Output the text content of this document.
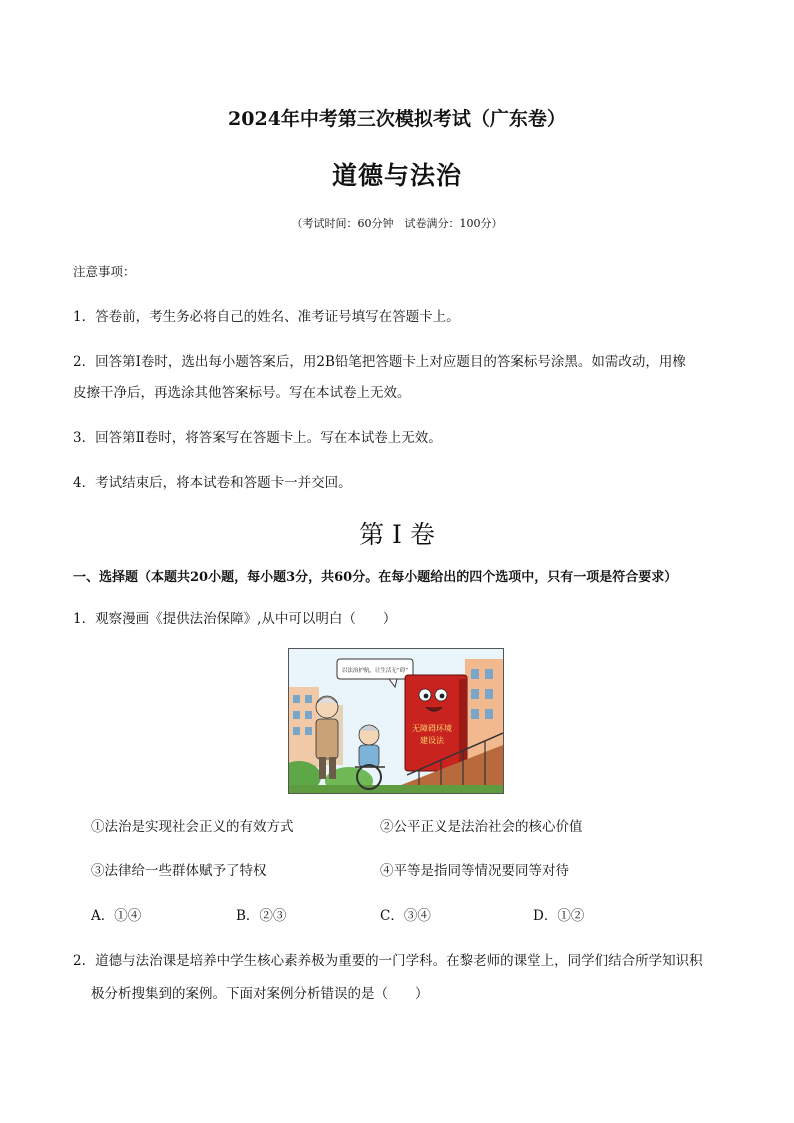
2024年中考第三次模拟考试（广东卷）
道德与法治
（考试时间：60分钟　试卷满分：100分）
注意事项：
1．答卷前，考生务必将自己的姓名、准考证号填写在答题卡上。
2．回答第Ⅰ卷时，选出每小题答案后，用2B铅笔把答题卡上对应题目的答案标号涂黑。如需改动，用橡
皮擦干净后，再选涂其他答案标号。写在本试卷上无效。
3．回答第Ⅱ卷时，将答案写在答题卡上。写在本试卷上无效。
4．考试结束后，将本试卷和答题卡一并交回。
第 I 卷
一、选择题（本题共20小题，每小题3分，共60分。在每小题给出的四个选项中，只有一项是符合要求）
1．观察漫画《提供法治保障》,从中可以明白（　　）
以法治护航，让生活无“碍”
无障碍环境
建设法
①法治是实现社会正义的有效方式	②公平正义是法治社会的核心价值
③法律给一些群体赋予了特权	④平等是指同等情况要同等对待
A．①④	B．②③	C．③④	D．①②
2．道德与法治课是培养中学生核心素养极为重要的一门学科。在黎老师的课堂上，同学们结合所学知识积
极分析搜集到的案例。下面对案例分析错误的是（　　）
